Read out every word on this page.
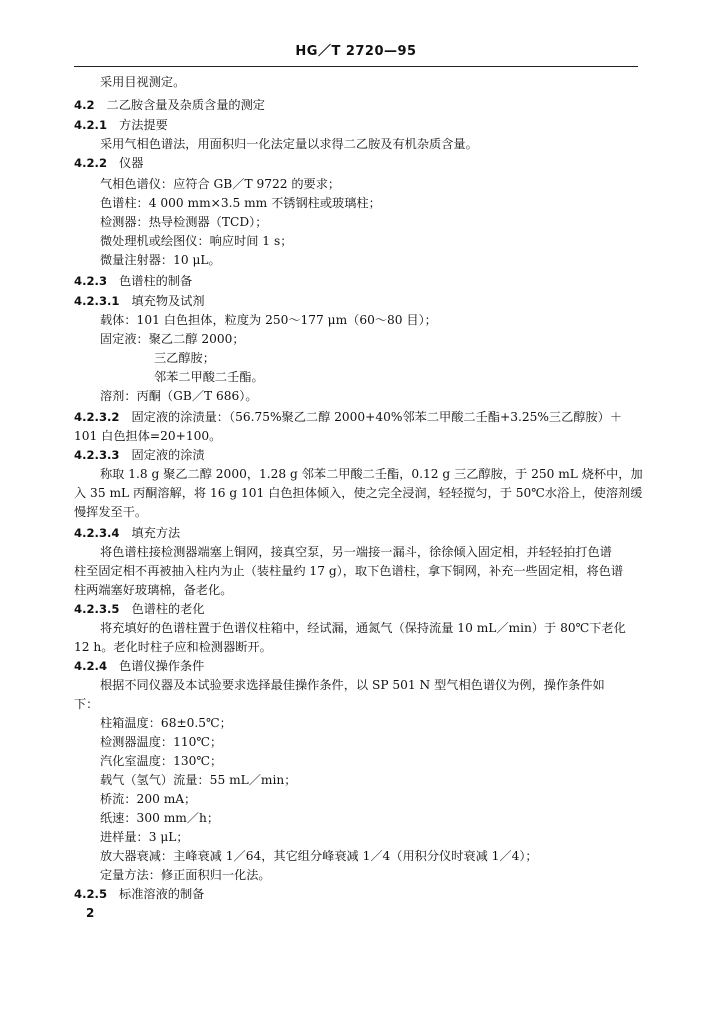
HG／T 2720—95
采用目视测定。
4.2 二乙胺含量及杂质含量的测定
4.2.1 方法提要
采用气相色谱法，用面积归一化法定量以求得二乙胺及有机杂质含量。
4.2.2 仪器
气相色谱仪：应符合 GB／T 9722 的要求；
色谱柱：4 000 mm×3.5 mm 不锈钢柱或玻璃柱；
检测器：热导检测器（TCD）；
微处理机或绘图仪：响应时间 1 s；
微量注射器：10 μL。
4.2.3 色谱柱的制备
4.2.3.1 填充物及试剂
载体：101 白色担体，粒度为 250～177 μm（60～80 目）；
固定液：聚乙二醇 2000；
三乙醇胺；
邻苯二甲酸二壬酯。
溶剂：丙酮（GB／T 686）。
4.2.3.2 固定液的涂渍量：（56.75%聚乙二醇 2000+40%邻苯二甲酸二壬酯+3.25%三乙醇胺）＋
101 白色担体=20+100。
4.2.3.3 固定液的涂渍
称取 1.8 g 聚乙二醇 2000，1.28 g 邻苯二甲酸二壬酯，0.12 g 三乙醇胺，于 250 mL 烧杯中，加
入 35 mL 丙酮溶解，将 16 g 101 白色担体倾入，使之完全浸润，轻轻搅匀，于 50℃水浴上，使溶剂缓
慢挥发至干。
4.2.3.4 填充方法
将色谱柱接检测器端塞上铜网，接真空泵，另一端接一漏斗，徐徐倾入固定相，并轻轻拍打色谱
柱至固定相不再被抽入柱内为止（装柱量约 17 g），取下色谱柱，拿下铜网，补充一些固定相，将色谱
柱两端塞好玻璃棉，备老化。
4.2.3.5 色谱柱的老化
将充填好的色谱柱置于色谱仪柱箱中，经试漏，通氮气（保持流量 10 mL／min）于 80℃下老化
12 h。老化时柱子应和检测器断开。
4.2.4 色谱仪操作条件
根据不同仪器及本试验要求选择最佳操作条件，以 SP 501 N 型气相色谱仪为例，操作条件如
下：
柱箱温度：68±0.5℃；
检测器温度：110℃；
汽化室温度：130℃；
载气（氢气）流量：55 mL／min；
桥流：200 mA；
纸速：300 mm／h；
进样量：3 μL；
放大器衰减：主峰衰减 1／64，其它组分峰衰减 1／4（用积分仪时衰减 1／4）；
定量方法：修正面积归一化法。
4.2.5 标准溶液的制备
2
